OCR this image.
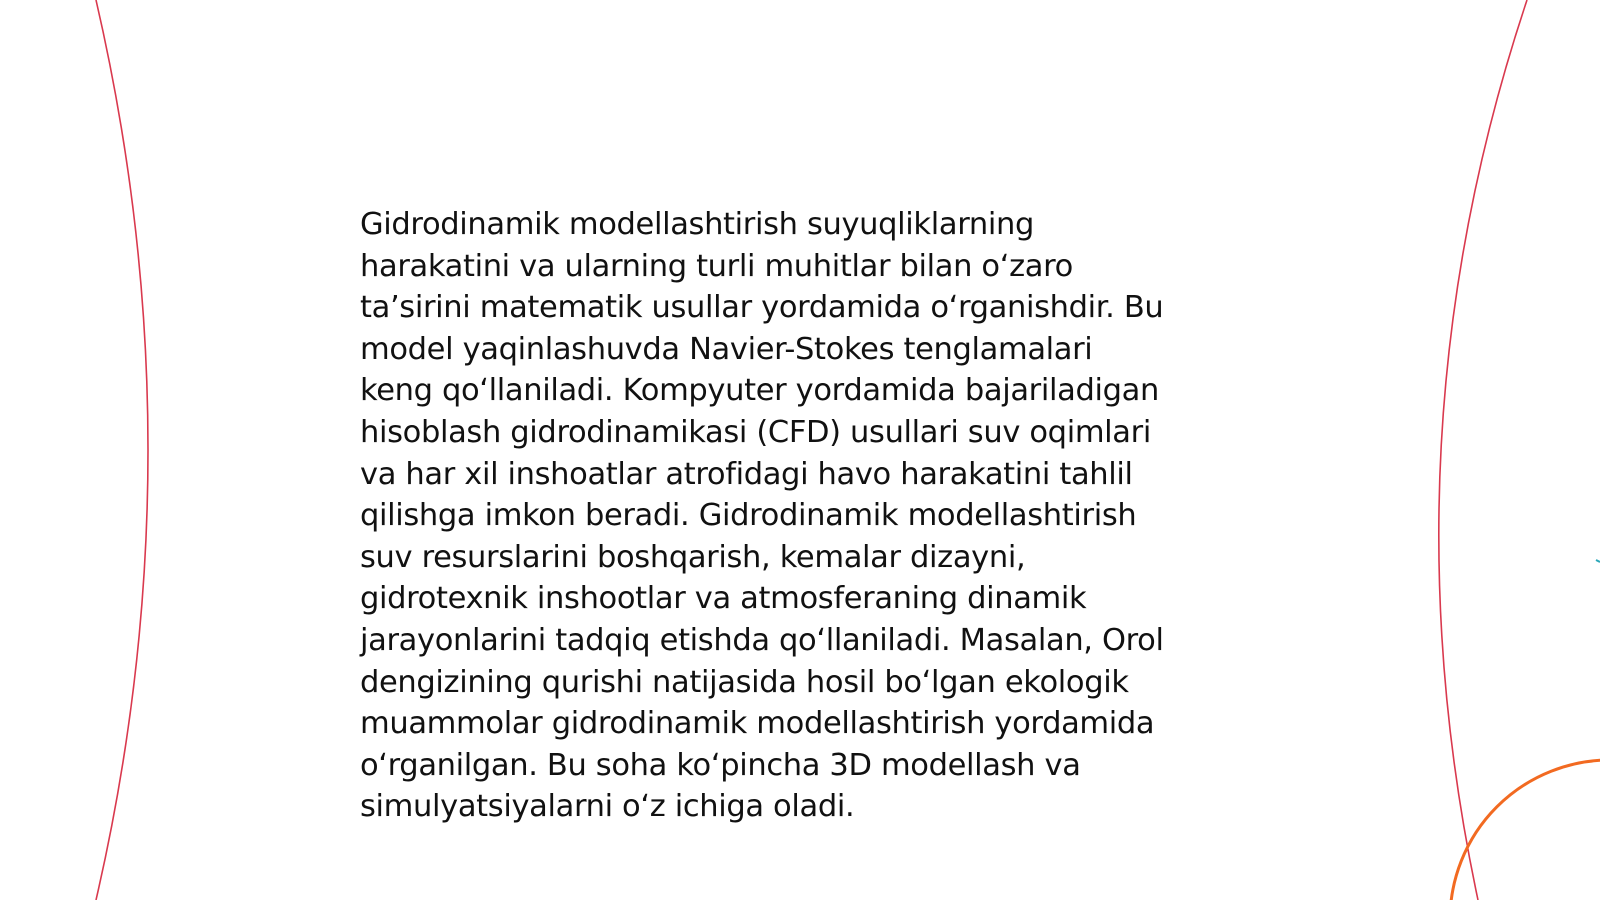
Gidrodinamik modellashtirish suyuqliklarning
harakatini va ularning turli muhitlar bilan o‘zaro
ta’sirini matematik usullar yordamida o‘rganishdir. Bu
model yaqinlashuvda Navier-Stokes tenglamalari
keng qo‘llaniladi. Kompyuter yordamida bajariladigan
hisoblash gidrodinamikasi (CFD) usullari suv oqimlari
va har xil inshoatlar atrofidagi havo harakatini tahlil
qilishga imkon beradi. Gidrodinamik modellashtirish
suv resurslarini boshqarish, kemalar dizayni,
gidrotexnik inshootlar va atmosferaning dinamik
jarayonlarini tadqiq etishda qo‘llaniladi. Masalan, Orol
dengizining qurishi natijasida hosil bo‘lgan ekologik
muammolar gidrodinamik modellashtirish yordamida
o‘rganilgan. Bu soha ko‘pincha 3D modellash va
simulyatsiyalarni o‘z ichiga oladi.
